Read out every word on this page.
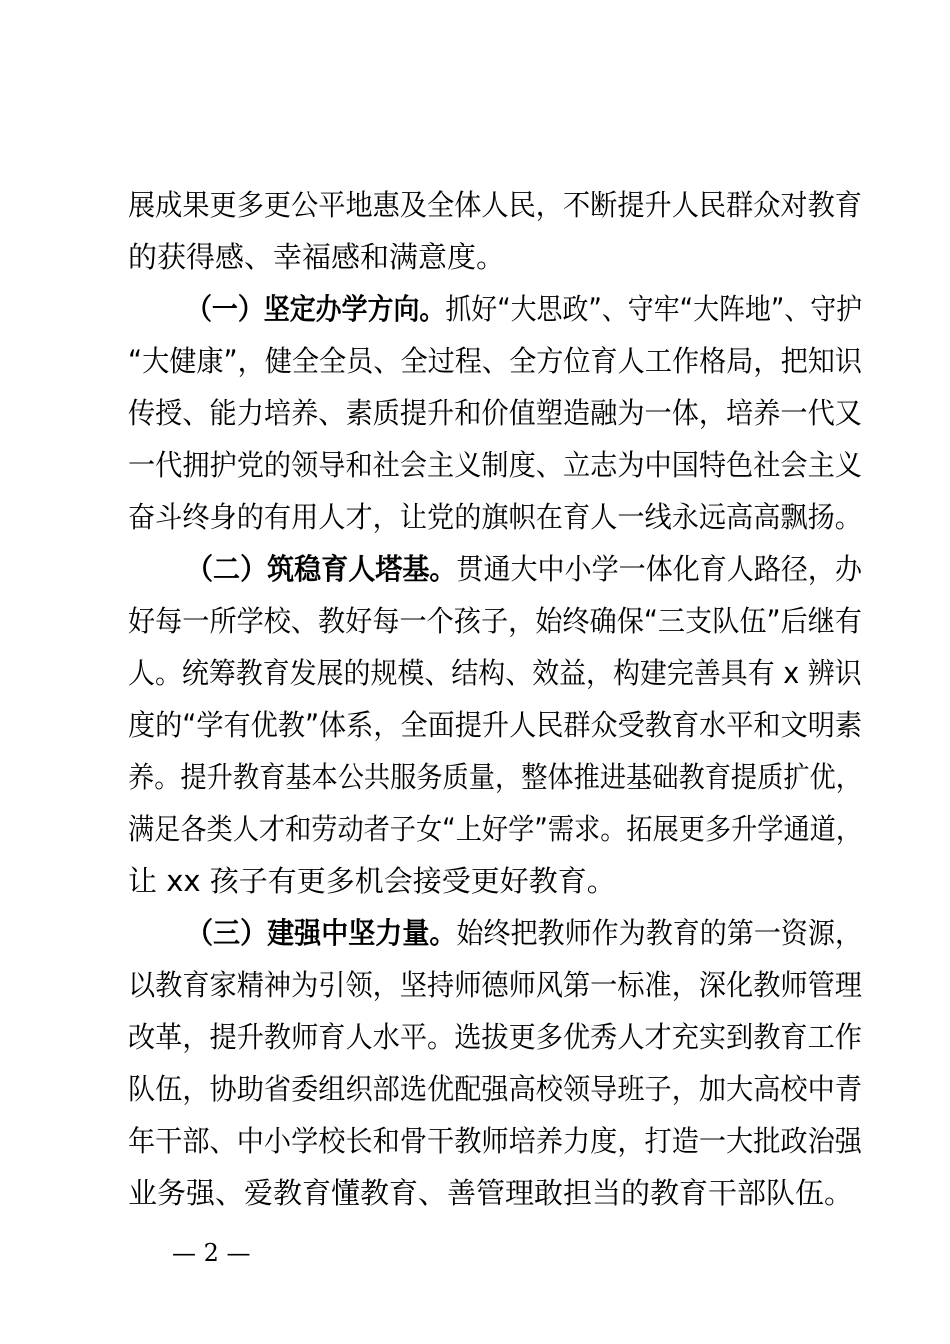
展成果更多更公平地惠及全体人民，不断提升人民群众对教育
的获得感、幸福感和满意度。
（一）坚定办学方向。抓好“大思政”、守牢“大阵地”、守护
“大健康”，健全全员、全过程、全方位育人工作格局，把知识
传授、能力培养、素质提升和价值塑造融为一体，培养一代又
一代拥护党的领导和社会主义制度、立志为中国特色社会主义
奋斗终身的有用人才，让党的旗帜在育人一线永远高高飘扬。
（二）筑稳育人塔基。贯通大中小学一体化育人路径，办
好每一所学校、教好每一个孩子，始终确保“三支队伍”后继有
人。统筹教育发展的规模、结构、效益，构建完善具有 x 辨识
度的“学有优教”体系，全面提升人民群众受教育水平和文明素
养。提升教育基本公共服务质量，整体推进基础教育提质扩优，
满足各类人才和劳动者子女“上好学”需求。拓展更多升学通道，
让 xx 孩子有更多机会接受更好教育。
（三）建强中坚力量。始终把教师作为教育的第一资源，
以教育家精神为引领，坚持师德师风第一标准，深化教师管理
改革，提升教师育人水平。选拔更多优秀人才充实到教育工作
队伍，协助省委组织部选优配强高校领导班子，加大高校中青
年干部、中小学校长和骨干教师培养力度，打造一大批政治强
业务强、爱教育懂教育、善管理敢担当的教育干部队伍。
— 2 —
